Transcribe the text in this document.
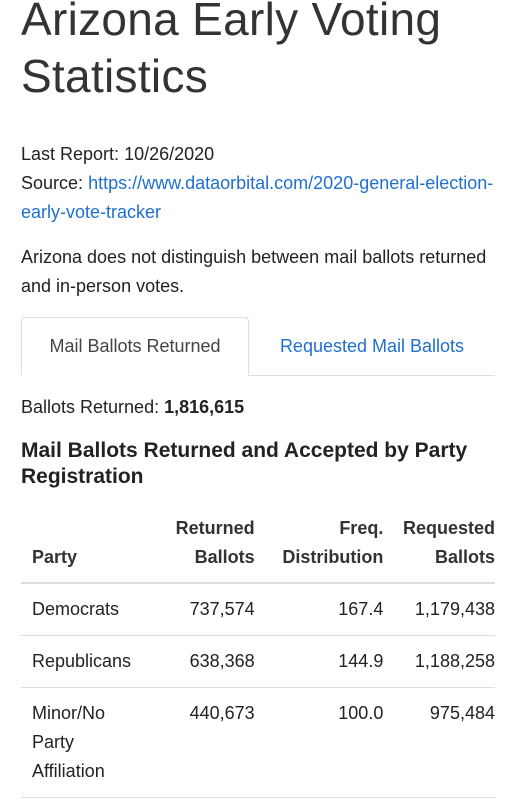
Arizona Early Voting Statistics
Last Report: 10/26/2020
Source: https://www.dataorbital.com/2020-general-election-early-vote-tracker
Arizona does not distinguish between mail ballots returned and in-person votes.
Mail Ballots Returned	Requested Mail Ballots
Ballots Returned: 1,816,615
Mail Ballots Returned and Accepted by Party Registration
Party	Returned Ballots	Freq. Distribution	Requested Ballots
Democrats	737,574	167.4	1,179,438
Republicans	638,368	144.9	1,188,258
Minor/No Party Affiliation	440,673	100.0	975,484
